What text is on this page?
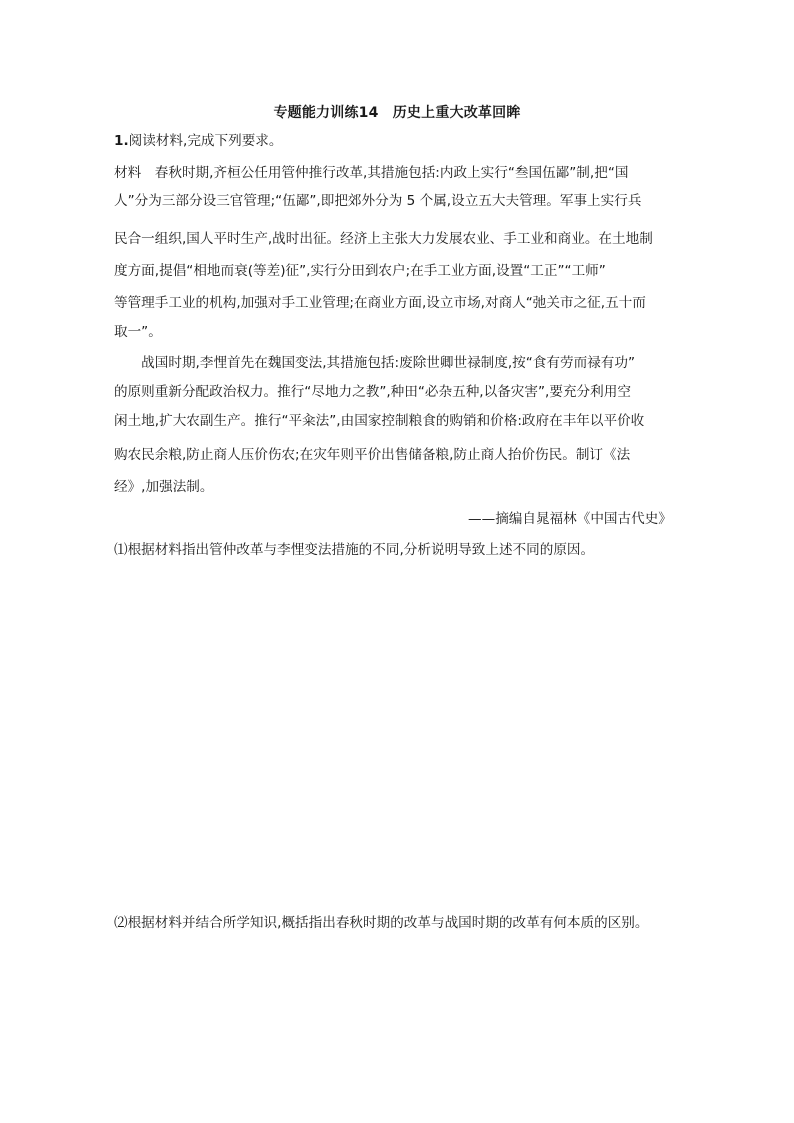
专题能力训练14　历史上重大改革回眸
1.阅读材料,完成下列要求。
材料　春秋时期,齐桓公任用管仲推行改革,其措施包括:内政上实行“叁国伍鄙”制,把“国
人”分为三部分设三官管理;“伍鄙”,即把郊外分为 5 个属,设立五大夫管理。军事上实行兵
民合一组织,国人平时生产,战时出征。经济上主张大力发展农业、手工业和商业。在土地制
度方面,提倡“相地而衰(等差)征”,实行分田到农户;在手工业方面,设置“工正”“工师”
等管理手工业的机构,加强对手工业管理;在商业方面,设立市场,对商人“弛关市之征,五十而
取一”。
　　战国时期,李悝首先在魏国变法,其措施包括:废除世卿世禄制度,按“食有劳而禄有功”
的原则重新分配政治权力。推行“尽地力之教”,种田“必杂五种,以备灾害”,要充分利用空
闲土地,扩大农副生产。推行“平籴法”,由国家控制粮食的购销和价格:政府在丰年以平价收
购农民余粮,防止商人压价伤农;在灾年则平价出售储备粮,防止商人抬价伤民。制订《法
经》,加强法制。
——摘编自晁福林《中国古代史》
⑴根据材料指出管仲改革与李悝变法措施的不同,分析说明导致上述不同的原因。
⑵根据材料并结合所学知识,概括指出春秋时期的改革与战国时期的改革有何本质的区别。
